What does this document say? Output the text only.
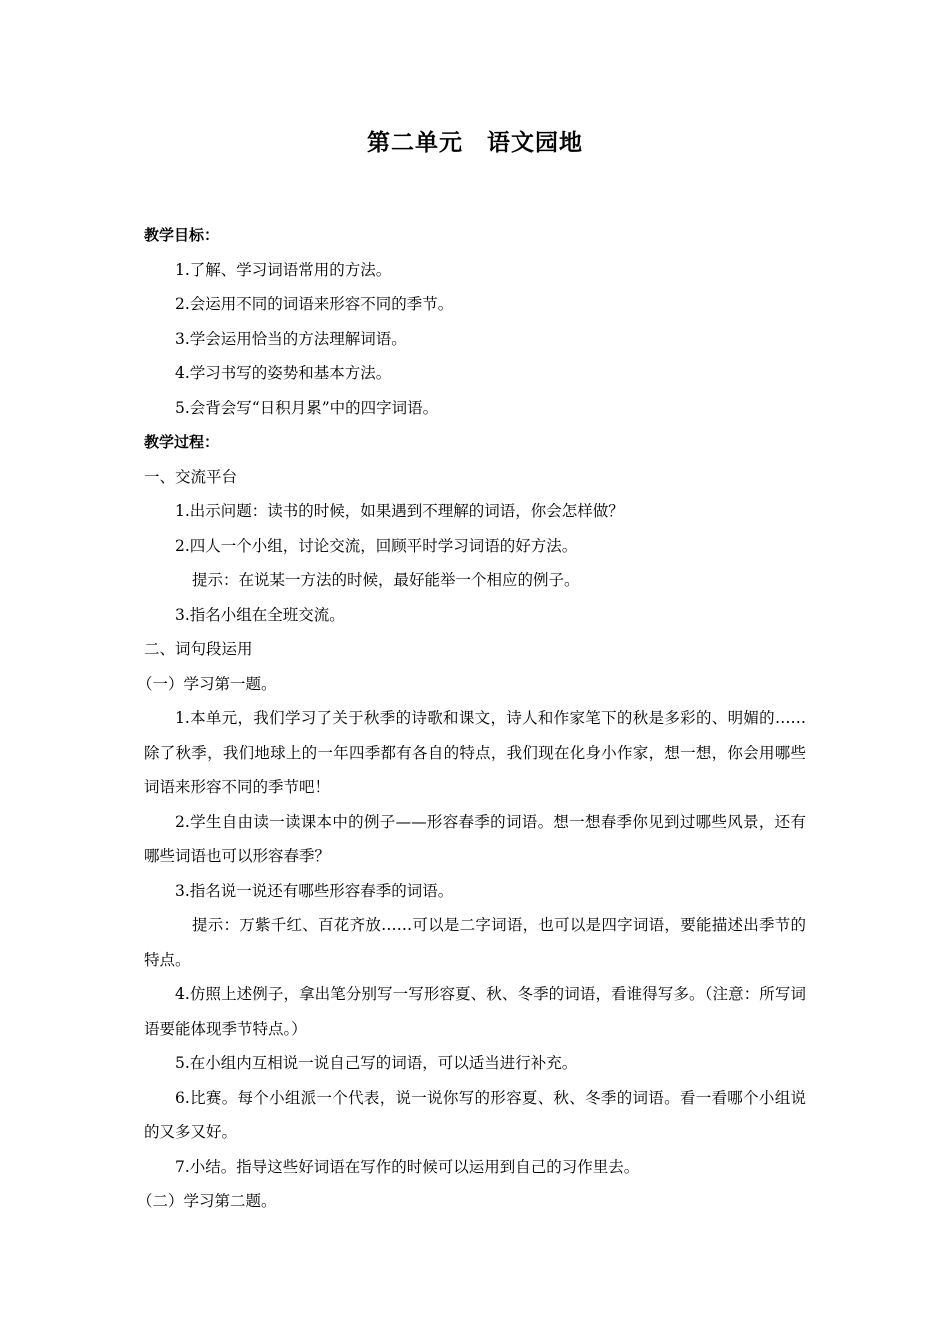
第二单元　语文园地

教学目标：

1.了解、学习词语常用的方法。

2.会运用不同的词语来形容不同的季节。

3.学会运用恰当的方法理解词语。

4.学习书写的姿势和基本方法。

5.会背会写“日积月累”中的四字词语。

教学过程：

一、交流平台

1.出示问题：读书的时候，如果遇到不理解的词语，你会怎样做？

2.四人一个小组，讨论交流，回顾平时学习词语的好方法。

提示：在说某一方法的时候，最好能举一个相应的例子。

3.指名小组在全班交流。

二、词句段运用

（一）学习第一题。

1.本单元，我们学习了关于秋季的诗歌和课文，诗人和作家笔下的秋是多彩的、明媚的……除了秋季，我们地球上的一年四季都有各自的特点，我们现在化身小作家，想一想，你会用哪些词语来形容不同的季节吧！

2.学生自由读一读课本中的例子——形容春季的词语。想一想春季你见到过哪些风景，还有哪些词语也可以形容春季？

3.指名说一说还有哪些形容春季的词语。

提示：万紫千红、百花齐放……可以是二字词语，也可以是四字词语，要能描述出季节的特点。

4.仿照上述例子，拿出笔分别写一写形容夏、秋、冬季的词语，看谁得写多。（注意：所写词语要能体现季节特点。）

5.在小组内互相说一说自己写的词语，可以适当进行补充。

6.比赛。每个小组派一个代表，说一说你写的形容夏、秋、冬季的词语。看一看哪个小组说的又多又好。

7.小结。指导这些好词语在写作的时候可以运用到自己的习作里去。

（二）学习第二题。
